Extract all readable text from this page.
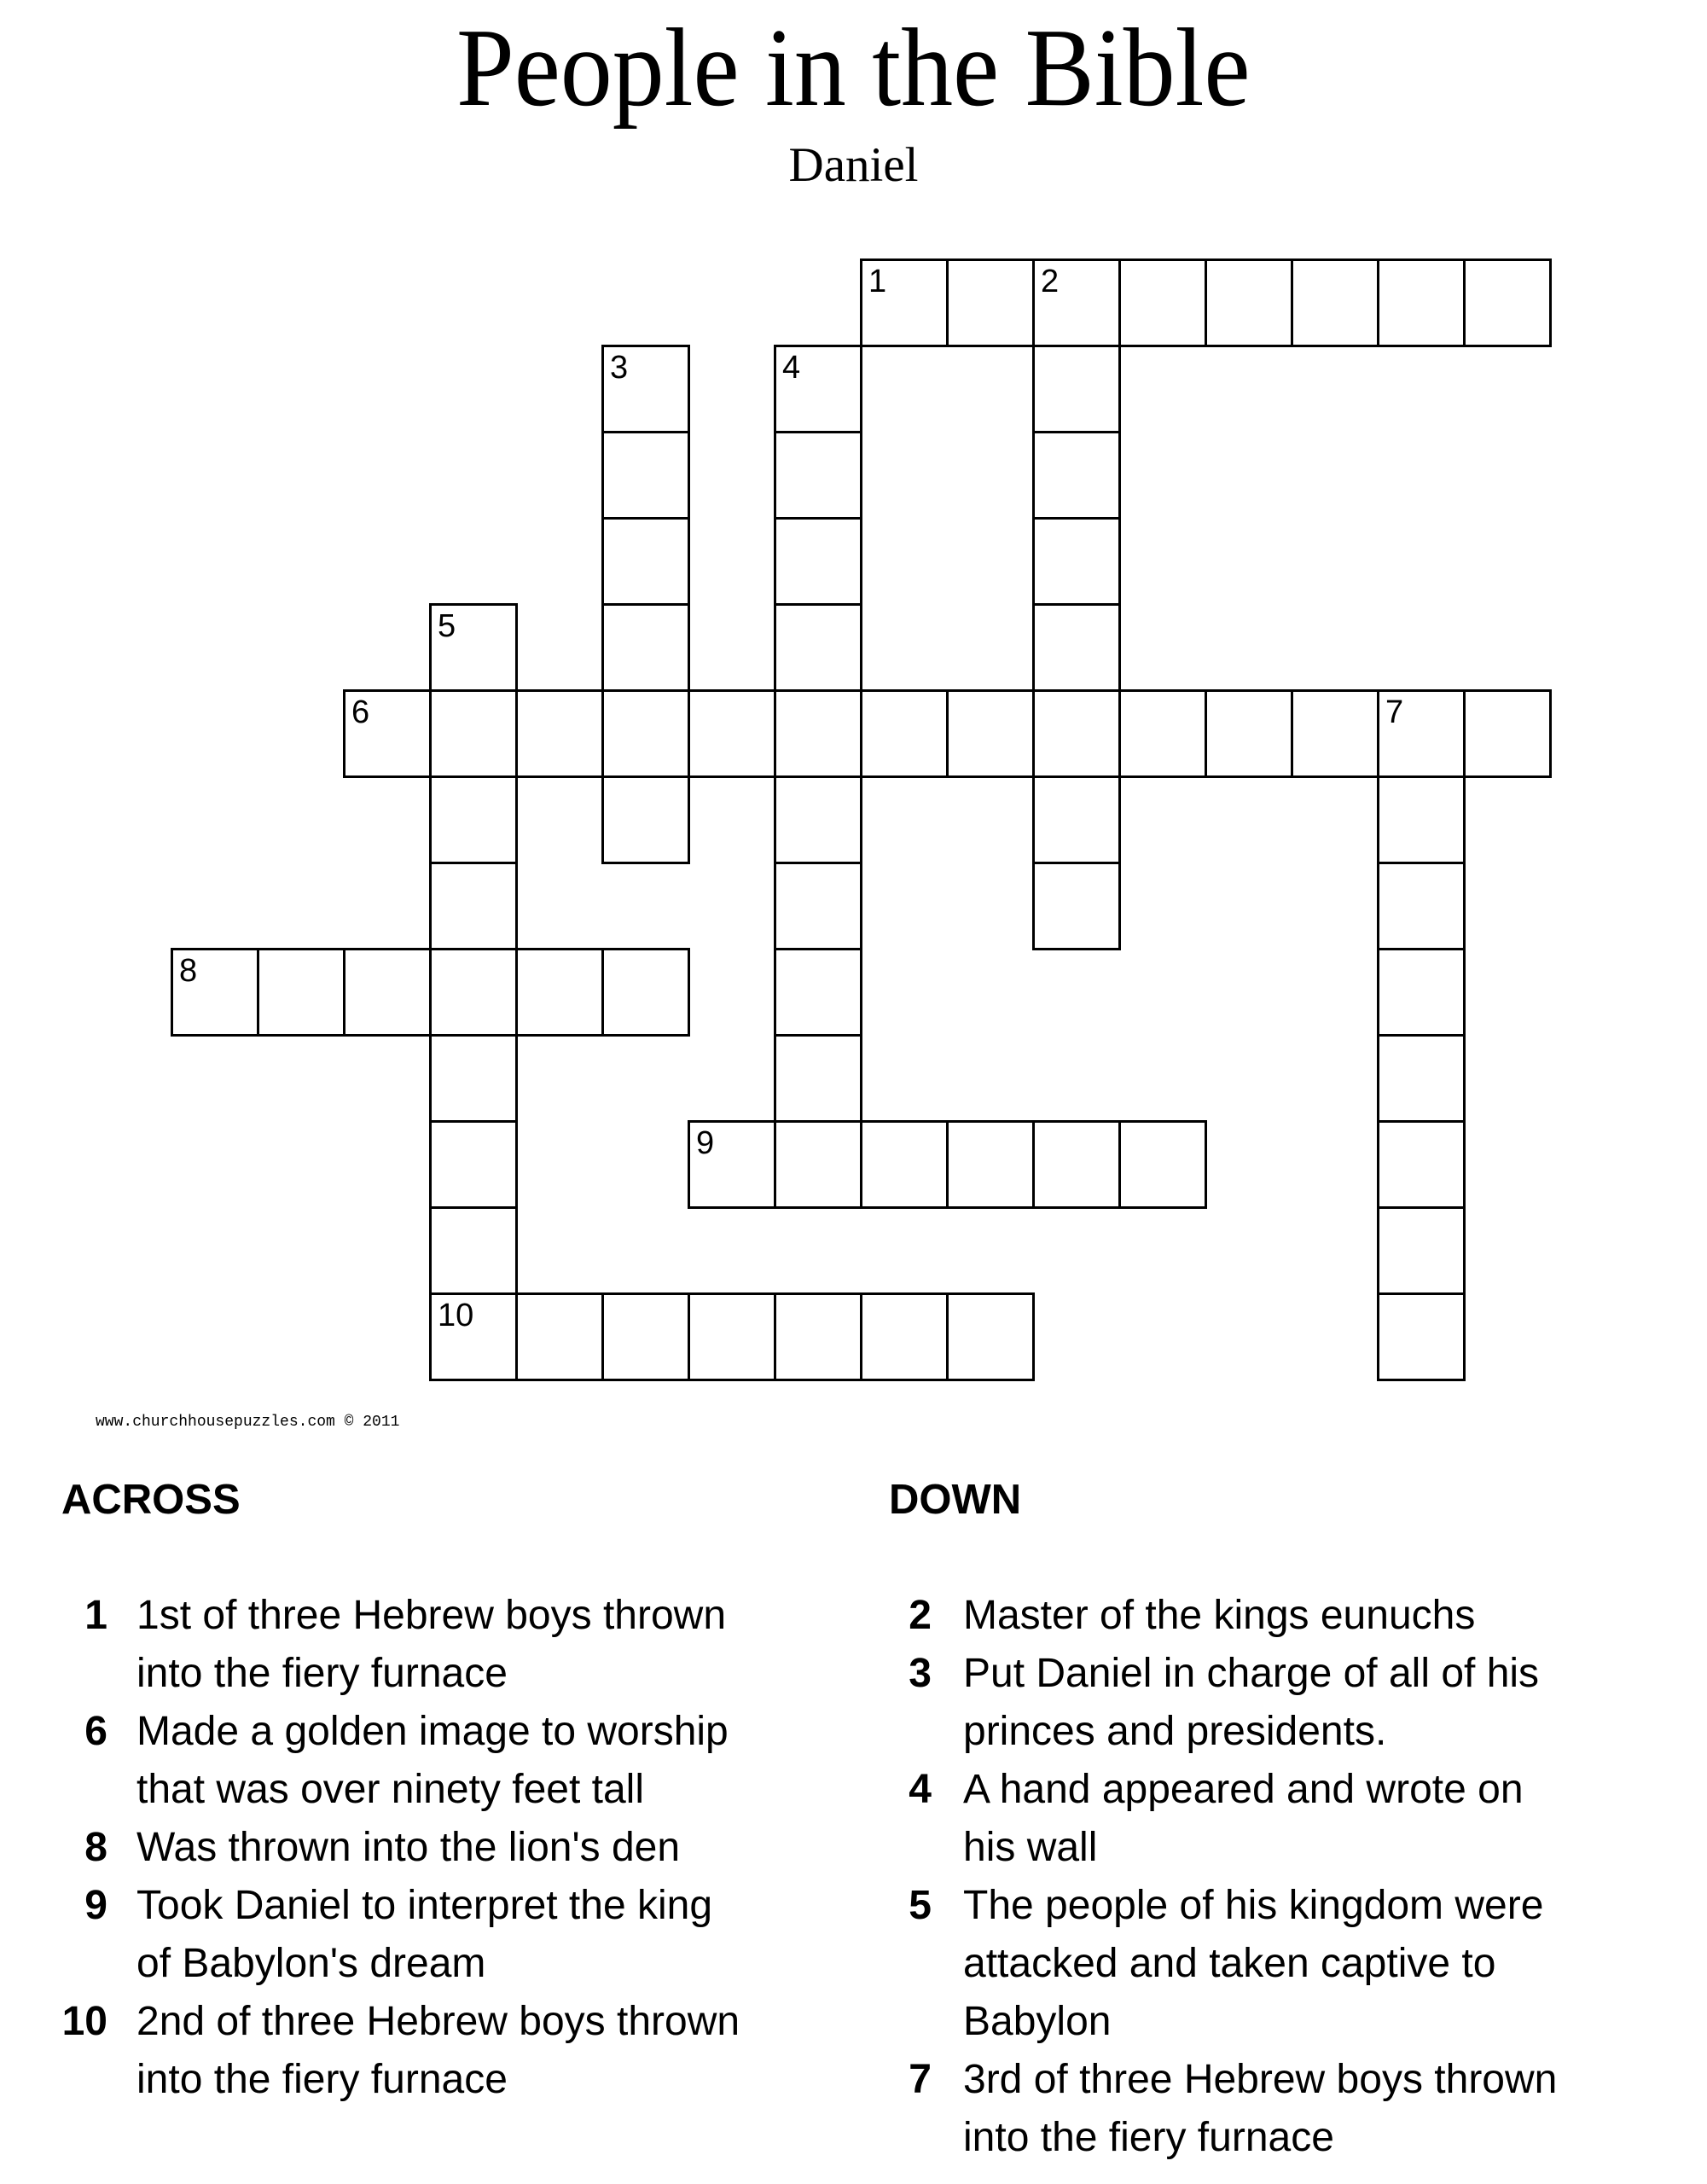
People in the Bible
Daniel
1	2
3	4
5
6	7
8
9
10
www.churchhousepuzzles.com © 2011
ACROSS
1 1st of three Hebrew boys thrown
into the fiery furnace
6 Made a golden image to worship
that was over ninety feet tall
8 Was thrown into the lion's den
9 Took Daniel to interpret the king
of Babylon's dream
10 2nd of three Hebrew boys thrown
into the fiery furnace
DOWN
2 Master of the kings eunuchs
3 Put Daniel in charge of all of his
princes and presidents.
4 A hand appeared and wrote on
his wall
5 The people of his kingdom were
attacked and taken captive to
Babylon
7 3rd of three Hebrew boys thrown
into the fiery furnace
